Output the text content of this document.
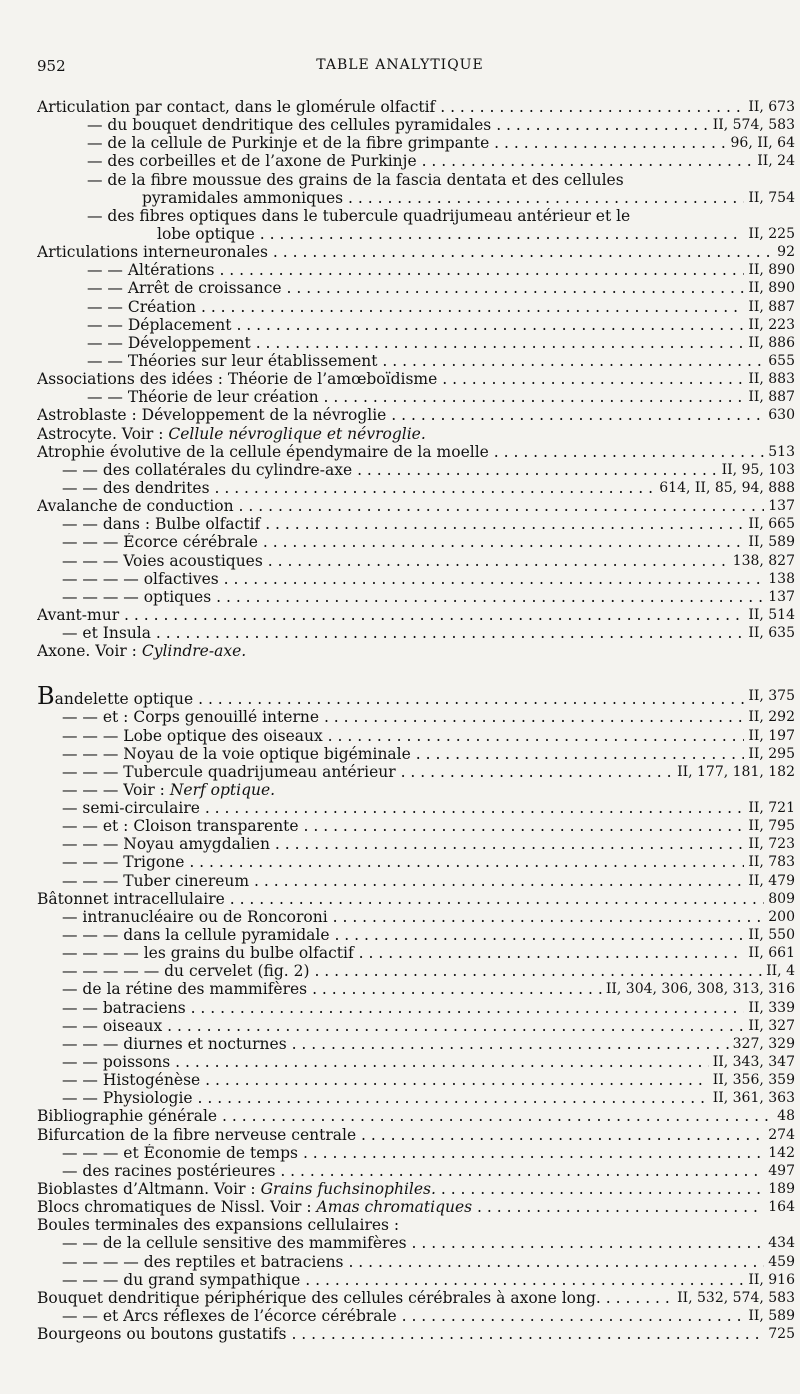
952	TABLE ANALYTIQUE
Articulation par contact, dans le glomérule olfactif . . .	II, 673
— du bouquet dendritique des cellules pyramidales . . .	II, 574, 583
— de la cellule de Purkinje et de la fibre grimpante . . .	96, II, 64
— des corbeilles et de l’axone de Purkinje . . .	II, 24
— de la fibre moussue des grains de la fascia dentata et des cellules
pyramidales ammoniques . . .	II, 754
— des fibres optiques dans le tubercule quadrijumeau antérieur et le
lobe optique . . .	II, 225
Articulations interneuronales . . .	92
— — Altérations . . .	II, 890
— — Arrêt de croissance . . .	II, 890
— — Création . . .	II, 887
— — Déplacement . . .	II, 223
— — Développement . . .	II, 886
— — Théories sur leur établissement . . .	655
Associations des idées : Théorie de l’amœboïdisme . . .	II, 883
— — Théorie de leur création . . .	II, 887
Astroblaste : Développement de la névroglie . . .	630
Astrocyte. Voir : Cellule névroglique et névroglie.
Atrophie évolutive de la cellule épendymaire de la moelle . . .	513
— — des collatérales du cylindre-axe . . .	II, 95, 103
— — des dendrites . . .	614, II, 85, 94, 888
Avalanche de conduction . . .	137
— — dans : Bulbe olfactif . . .	II, 665
— — — Écorce cérébrale . . .	II, 589
— — — Voies acoustiques . . .	138, 827
— — — — olfactives . . .	138
— — — — optiques . . .	137
Avant-mur . . .	II, 514
— et Insula . . .	II, 635
Axone. Voir : Cylindre-axe.
Bandelette optique . . .	II, 375
— — et : Corps genouillé interne . . .	II, 292
— — — Lobe optique des oiseaux . . .	II, 197
— — — Noyau de la voie optique bigéminale . . .	II, 295
— — — Tubercule quadrijumeau antérieur . . .	II, 177, 181, 182
— — — Voir : Nerf optique.
— semi-circulaire . . .	II, 721
— — et : Cloison transparente . . .	II, 795
— — — Noyau amygdalien . . .	II, 723
— — — Trigone . . .	II, 783
— — — Tuber cinereum . . .	II, 479
Bâtonnet intracellulaire . . .	809
— intranucléaire ou de Roncoroni . . .	200
— — — dans la cellule pyramidale . . .	II, 550
— — — — les grains du bulbe olfactif . . .	II, 661
— — — — — du cervelet (fig. 2) . . .	II, 4
— de la rétine des mammifères . . .	II, 304, 306, 308, 313, 316
— — batraciens . . .	II, 339
— — oiseaux . . .	II, 327
— — — diurnes et nocturnes . . .	327, 329
— — poissons . . .	II, 343, 347
— — Histogénèse . . .	II, 356, 359
— — Physiologie . . .	II, 361, 363
Bibliographie générale . . .	48
Bifurcation de la fibre nerveuse centrale . . .	274
— — — et Économie de temps . . .	142
— des racines postérieures . . .	497
Bioblastes d’Altmann. Voir : Grains fuchsinophiles. . . .	189
Blocs chromatiques de Nissl. Voir : Amas chromatiques . . .	164
Boules terminales des expansions cellulaires :
— — de la cellule sensitive des mammifères . . .	434
— — — — des reptiles et batraciens . . .	459
— — — du grand sympathique . . .	II, 916
Bouquet dendritique périphérique des cellules cérébrales à axone long. . . .	II, 532, 574, 583
— — et Arcs réflexes de l’écorce cérébrale . . .	II, 589
Bourgeons ou boutons gustatifs . . .	725
